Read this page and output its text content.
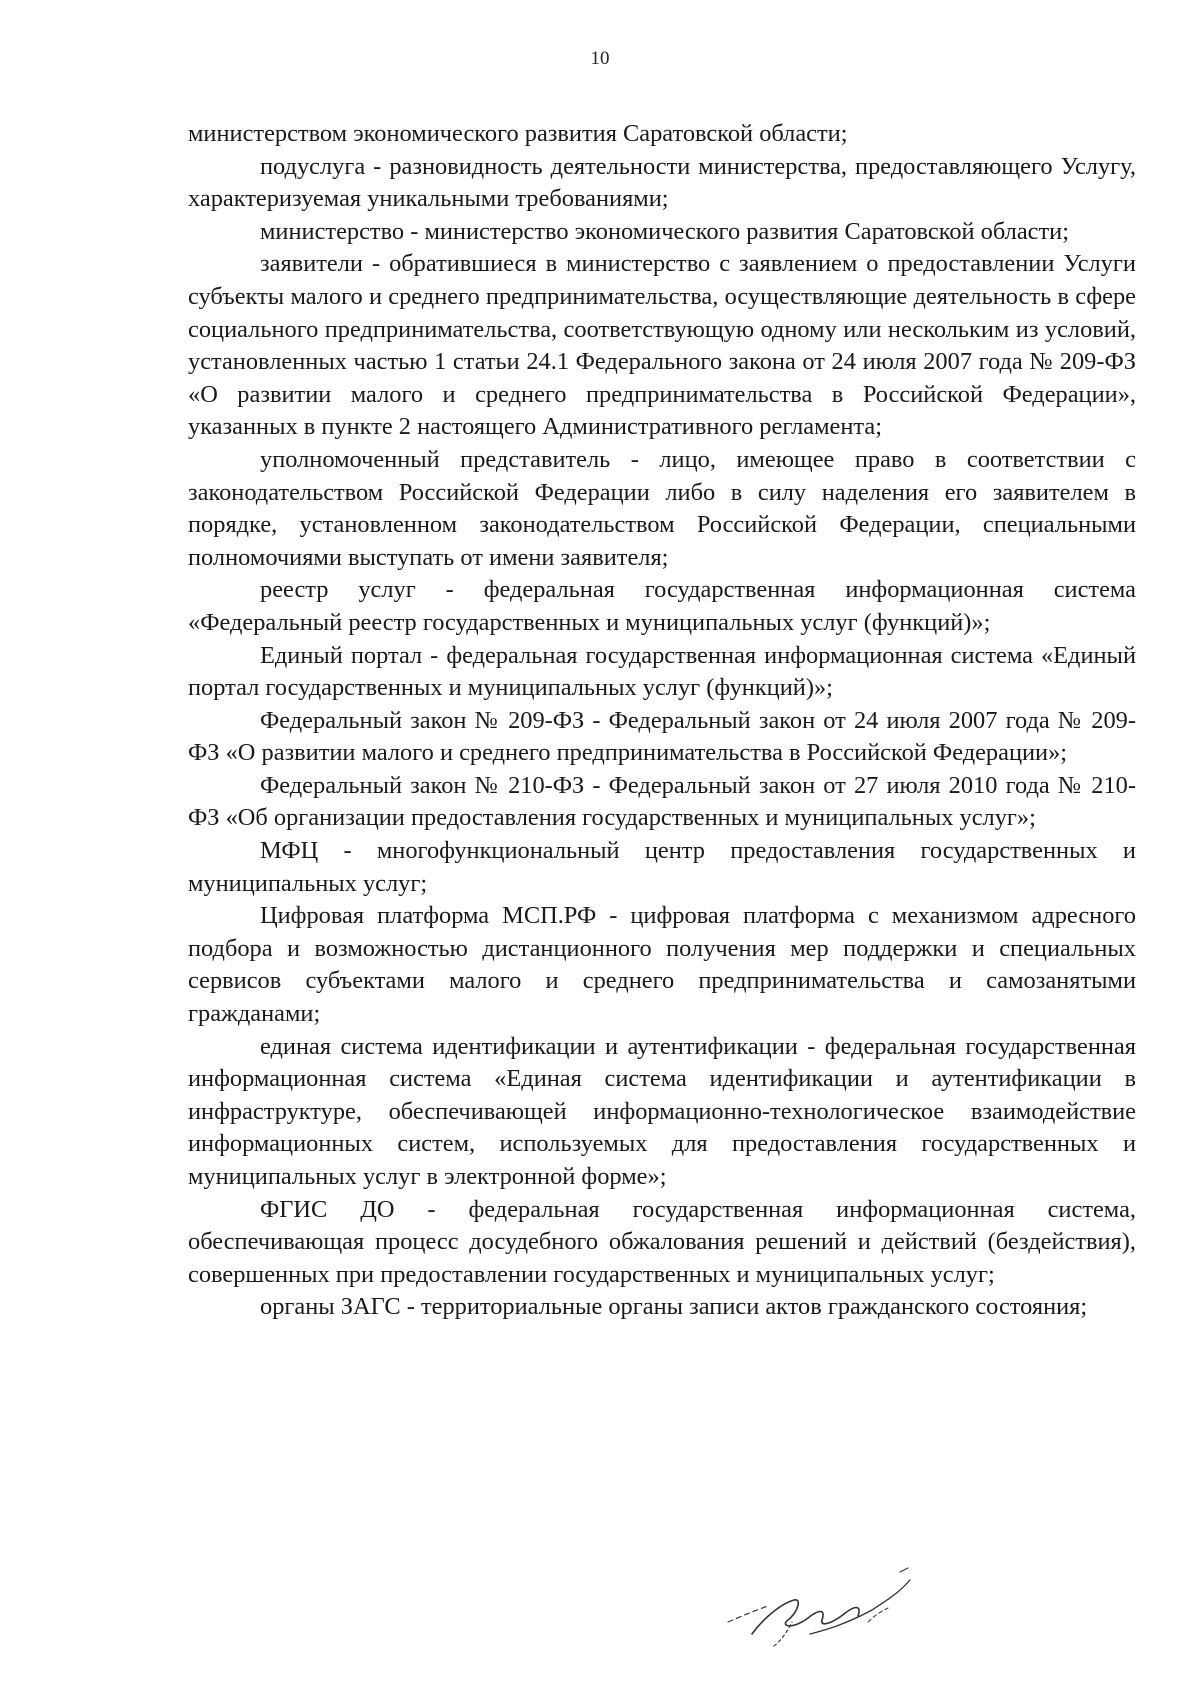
10

министерством экономического развития Саратовской области;

подуслуга - разновидность деятельности министерства, предоставляющего Услугу, характеризуемая уникальными требованиями;

министерство - министерство экономического развития Саратовской области;

заявители - обратившиеся в министерство с заявлением о предоставлении Услуги субъекты малого и среднего предпринимательства, осуществляющие деятельность в сфере социального предпринимательства, соответствующую одному или нескольким из условий, установленных частью 1 статьи 24.1 Федерального закона от 24 июля 2007 года № 209-ФЗ «О развитии малого и среднего предпринимательства в Российской Федерации», указанных в пункте 2 настоящего Административного регламента;

уполномоченный представитель - лицо, имеющее право в соответствии с законодательством Российской Федерации либо в силу наделения его заявителем в порядке, установленном законодательством Российской Федерации, специальными полномочиями выступать от имени заявителя;

реестр услуг - федеральная государственная информационная система «Федеральный реестр государственных и муниципальных услуг (функций)»;

Единый портал - федеральная государственная информационная система «Единый портал государственных и муниципальных услуг (функций)»;

Федеральный закон № 209-ФЗ - Федеральный закон от 24 июля 2007 года № 209-ФЗ «О развитии малого и среднего предпринимательства в Российской Федерации»;

Федеральный закон № 210-ФЗ - Федеральный закон от 27 июля 2010 года № 210-ФЗ «Об организации предоставления государственных и муниципальных услуг»;

МФЦ - многофункциональный центр предоставления государственных и муниципальных услуг;

Цифровая платформа МСП.РФ - цифровая платформа с механизмом адресного подбора и возможностью дистанционного получения мер поддержки и специальных сервисов субъектами малого и среднего предпринимательства и самозанятыми гражданами;

единая система идентификации и аутентификации - федеральная государственная информационная система «Единая система идентификации и аутентификации в инфраструктуре, обеспечивающей информационно-технологическое взаимодействие информационных систем, используемых для предоставления государственных и муниципальных услуг в электронной форме»;

ФГИС ДО - федеральная государственная информационная система, обеспечивающая процесс досудебного обжалования решений и действий (бездействия), совершенных при предоставлении государственных и муниципальных услуг;

органы ЗАГС - территориальные органы записи актов гражданского состояния;
